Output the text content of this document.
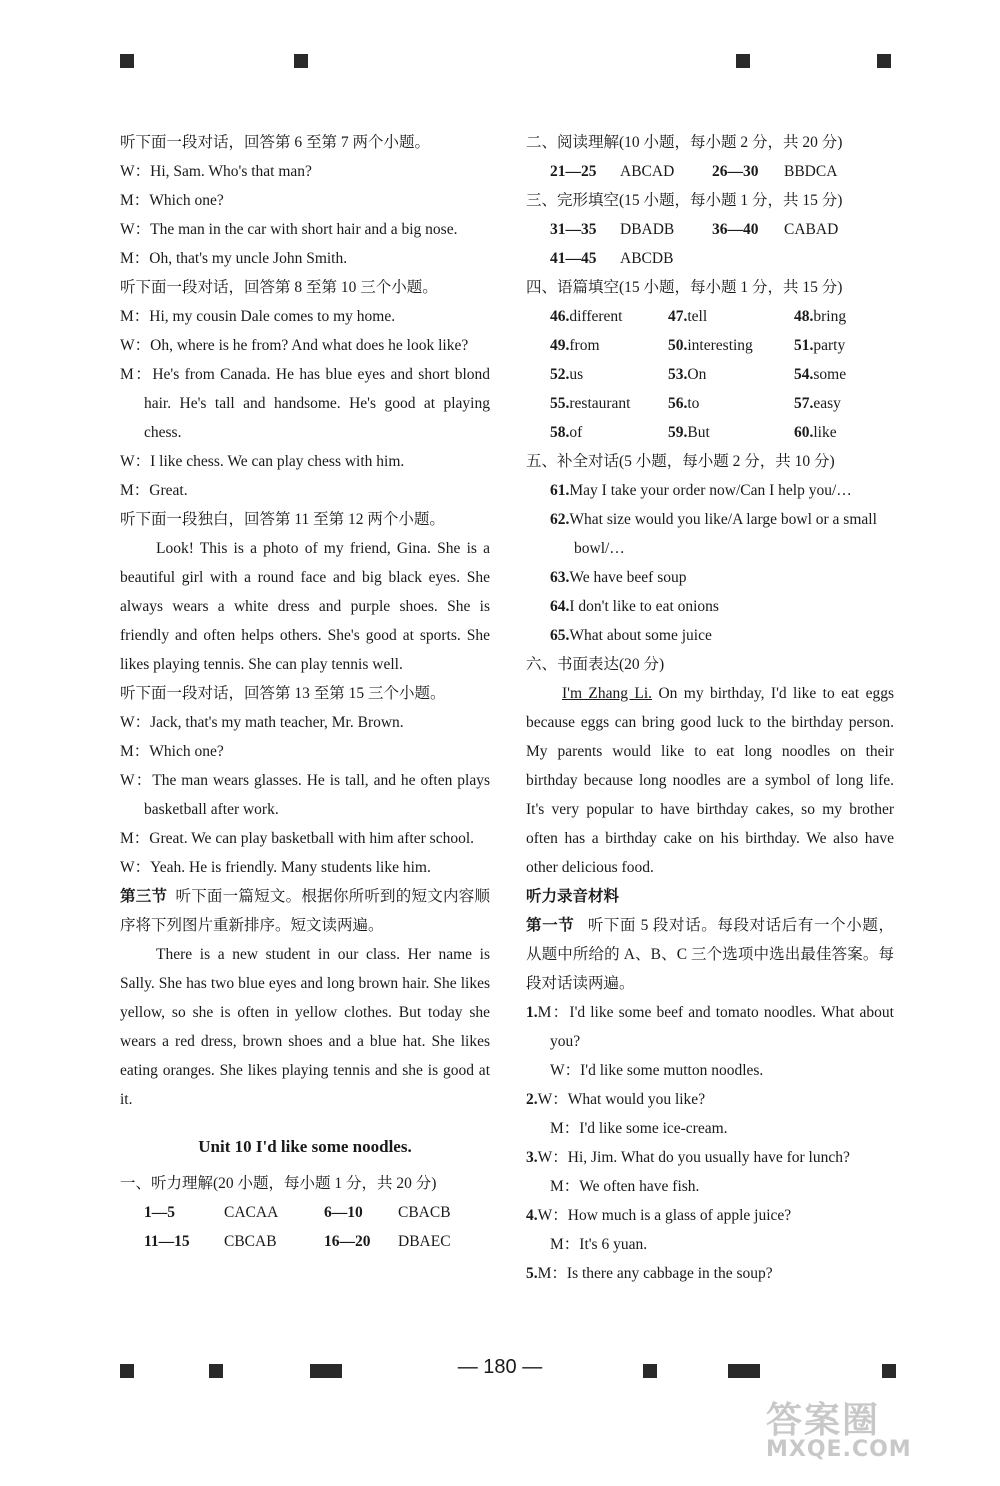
听下面一段对话，回答第 6 至第 7 两个小题。
W：Hi, Sam. Who's that man?
M：Which one?
W：The man in the car with short hair and a big nose.
M：Oh, that's my uncle John Smith.
听下面一段对话，回答第 8 至第 10 三个小题。
M：Hi, my cousin Dale comes to my home.
W：Oh, where is he from? And what does he look like?
M：He's from Canada. He has blue eyes and short blond hair. He's tall and handsome. He's good at playing chess.
W：I like chess. We can play chess with him.
M：Great.
听下面一段独白，回答第 11 至第 12 两个小题。
Look! This is a photo of my friend, Gina. She is a beautiful girl with a round face and big black eyes. She always wears a white dress and purple shoes. She is friendly and often helps others. She's good at sports. She likes playing tennis. She can play tennis well.
听下面一段对话，回答第 13 至第 15 三个小题。
W：Jack, that's my math teacher, Mr. Brown.
M：Which one?
W：The man wears glasses. He is tall, and he often plays basketball after work.
M：Great. We can play basketball with him after school.
W：Yeah. He is friendly. Many students like him.
第三节 听下面一篇短文。根据你所听到的短文内容顺序将下列图片重新排序。短文读两遍。
There is a new student in our class. Her name is Sally. She has two blue eyes and long brown hair. She likes yellow, so she is often in yellow clothes. But today she wears a red dress, brown shoes and a blue hat. She likes eating oranges. She likes playing tennis and she is good at it.
Unit 10 I'd like some noodles.
一、听力理解(20 小题，每小题 1 分，共 20 分)
1—5	CACAA	6—10 CBACB
11—15 CBCAB	16—20 DBAEC
二、阅读理解(10 小题，每小题 2 分，共 20 分)
21—25 ABCAD 26—30 BBDCA
三、完形填空(15 小题，每小题 1 分，共 15 分)
31—35 DBADB 36—40 CABAD
41—45 ABCDB
四、语篇填空(15 小题，每小题 1 分，共 15 分)
46.different	47.tell	48.bring
49.from	50.interesting	51.party
52.us	53.On	54.some
55.restaurant	56.to	57.easy
58.of	59.But	60.like
五、补全对话(5 小题，每小题 2 分，共 10 分)
61.May I take your order now/Can I help you/…
62.What size would you like/A large bowl or a small bowl/…
63.We have beef soup
64.I don't like to eat onions
65.What about some juice
六、书面表达(20 分)
I'm Zhang Li. On my birthday, I'd like to eat eggs because eggs can bring good luck to the birthday person. My parents would like to eat long noodles on their birthday because long noodles are a symbol of long life. It's very popular to have birthday cakes, so my brother often has a birthday cake on his birthday. We also have other delicious food.
听力录音材料
第一节 听下面 5 段对话。每段对话后有一个小题，从题中所给的 A、B、C 三个选项中选出最佳答案。每段对话读两遍。
1.M：I'd like some beef and tomato noodles. What about you?
W：I'd like some mutton noodles.
2.W：What would you like?
M：I'd like some ice-cream.
3.W：Hi, Jim. What do you usually have for lunch?
M：We often have fish.
4.W：How much is a glass of apple juice?
M：It's 6 yuan.
5.M：Is there any cabbage in the soup?
— 180 —
答案圈
MXQE.COM
